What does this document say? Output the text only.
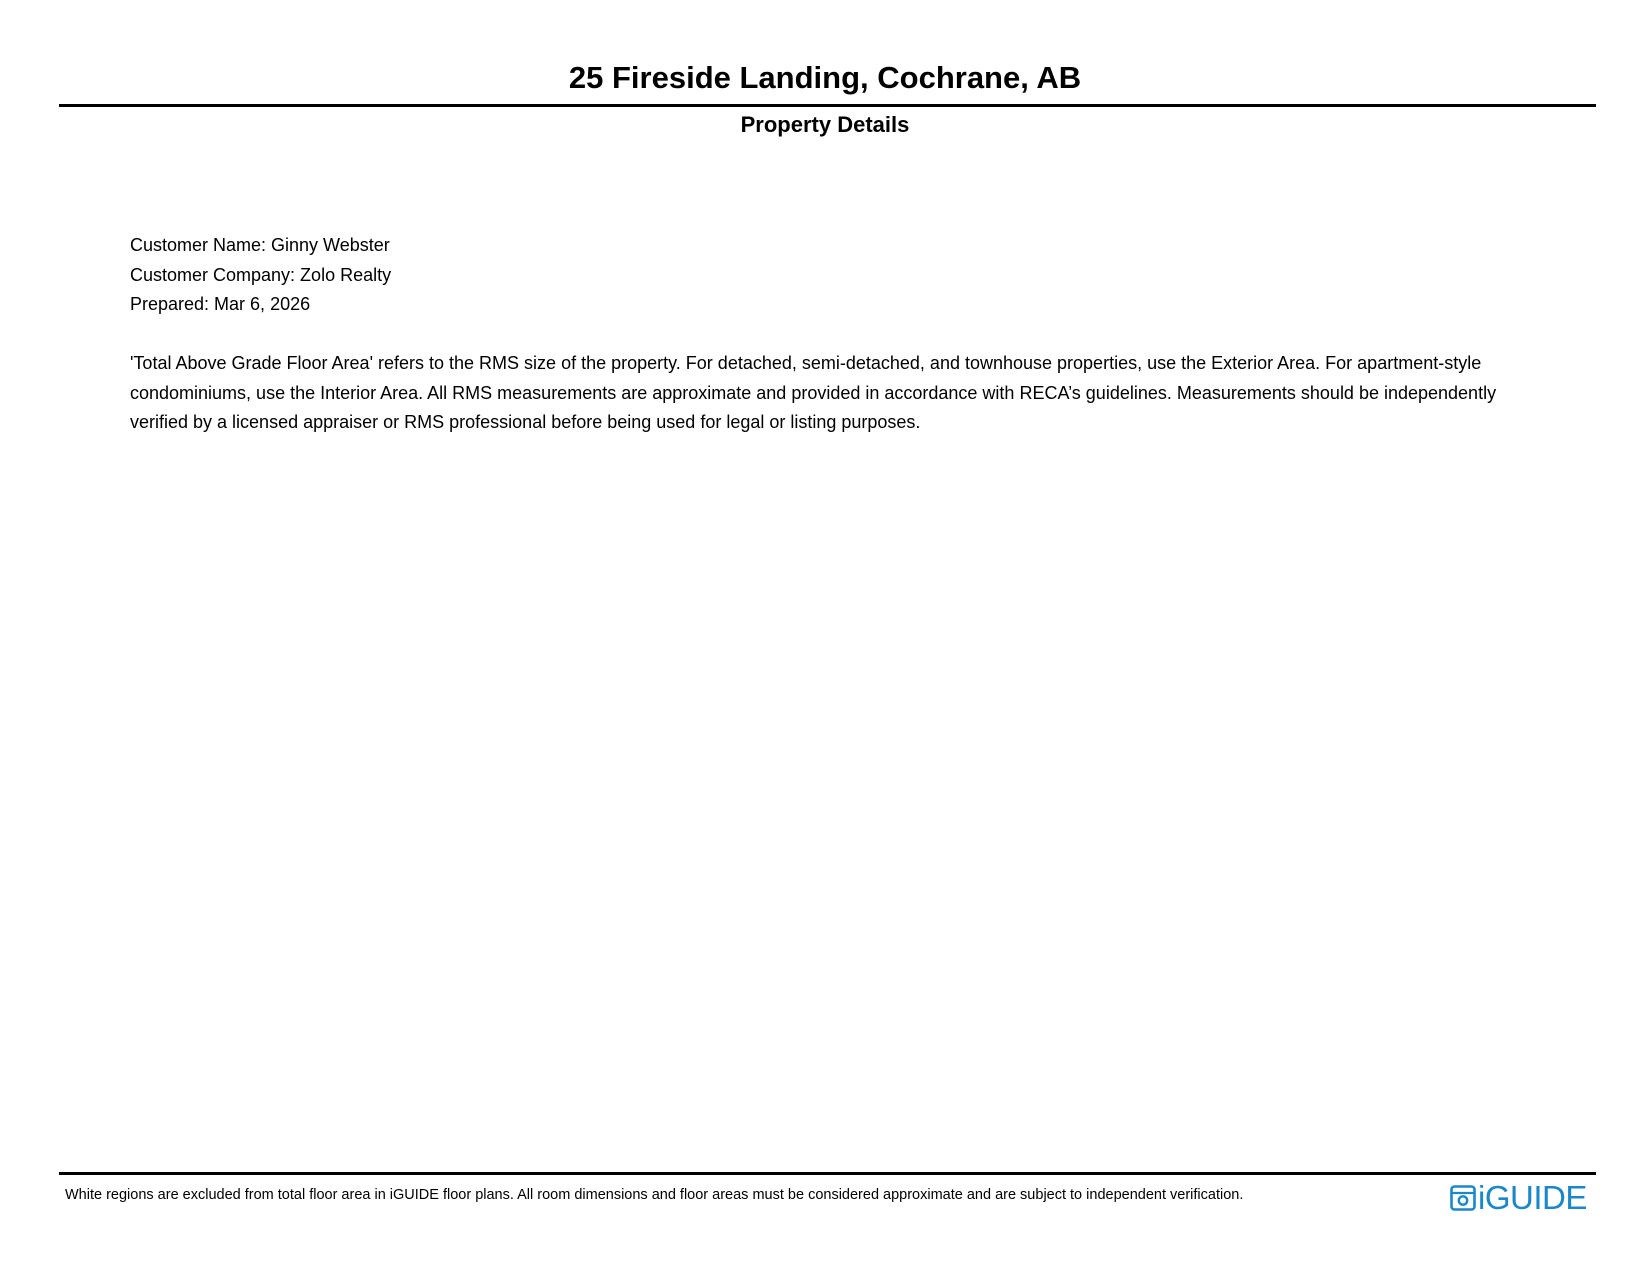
25 Fireside Landing, Cochrane, AB
Property Details
Customer Name: Ginny Webster
Customer Company: Zolo Realty
Prepared: Mar 6, 2026

'Total Above Grade Floor Area' refers to the RMS size of the property. For detached, semi-detached, and townhouse properties, use the Exterior Area. For apartment-style condominiums, use the Interior Area. All RMS measurements are approximate and provided in accordance with RECA’s guidelines. Measurements should be independently verified by a licensed appraiser or RMS professional before being used for legal or listing purposes.

White regions are excluded from total floor area in iGUIDE floor plans. All room dimensions and floor areas must be considered approximate and are subject to independent verification.	iGUIDE
